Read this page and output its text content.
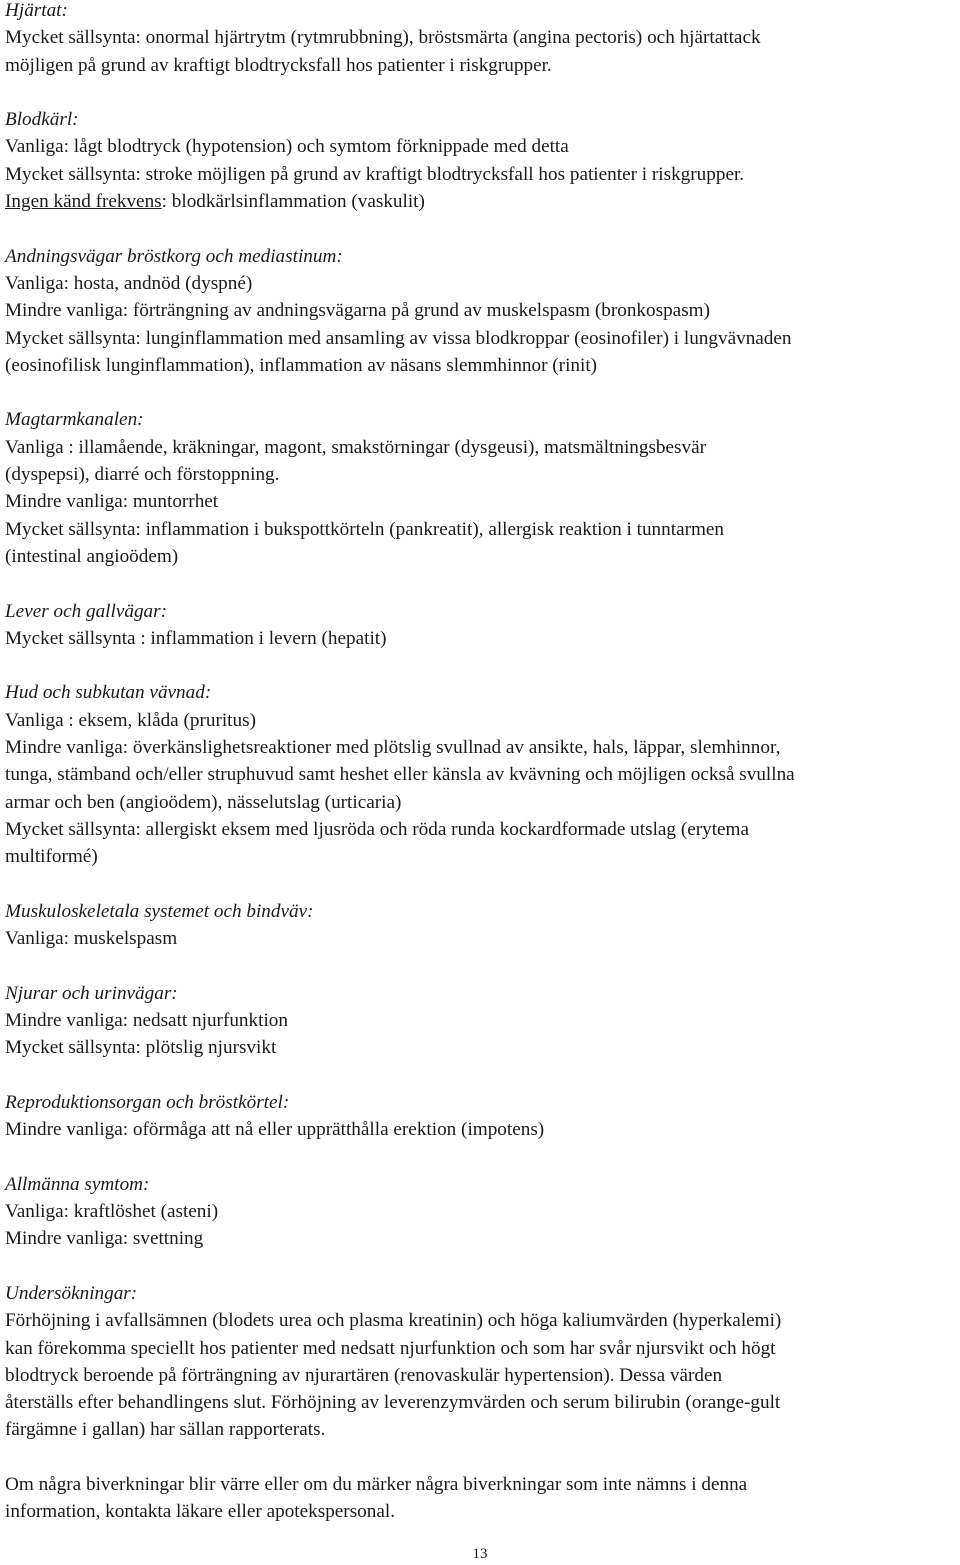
Hjärtat:
Mycket sällsynta: onormal hjärtrytm (rytmrubbning), bröstsmärta (angina pectoris) och hjärtattack
möjligen på grund av kraftigt blodtrycksfall hos patienter i riskgrupper.
Blodkärl:
Vanliga: lågt blodtryck (hypotension) och symtom förknippade med detta
Mycket sällsynta: stroke möjligen på grund av kraftigt blodtrycksfall hos patienter i riskgrupper.
Ingen känd frekvens: blodkärlsinflammation (vaskulit)
Andningsvägar bröstkorg och mediastinum:
Vanliga: hosta, andnöd (dyspné)
Mindre vanliga: förträngning av andningsvägarna på grund av muskelspasm (bronkospasm)
Mycket sällsynta: lunginflammation med ansamling av vissa blodkroppar (eosinofiler) i lungvävnaden
(eosinofilisk lunginflammation), inflammation av näsans slemmhinnor (rinit)
Magtarmkanalen:
Vanliga : illamående, kräkningar, magont, smakstörningar (dysgeusi), matsmältningsbesvär
(dyspepsi), diarré och förstoppning.
Mindre vanliga: muntorrhet
Mycket sällsynta: inflammation i bukspottkörteln (pankreatit), allergisk reaktion i tunntarmen
(intestinal angioödem)
Lever och gallvägar:
Mycket sällsynta : inflammation i levern (hepatit)
Hud och subkutan vävnad:
Vanliga : eksem, klåda (pruritus)
Mindre vanliga: överkänslighetsreaktioner med plötslig svullnad av ansikte, hals, läppar, slemhinnor,
tunga, stämband och/eller struphuvud samt heshet eller känsla av kvävning och möjligen också svullna
armar och ben (angioödem), nässelutslag (urticaria)
Mycket sällsynta: allergiskt eksem med ljusröda och röda runda kockardformade utslag (erytema
multiformé)
Muskuloskeletala systemet och bindväv:
Vanliga: muskelspasm
Njurar och urinvägar:
Mindre vanliga: nedsatt njurfunktion
Mycket sällsynta: plötslig njursvikt
Reproduktionsorgan och bröstkörtel:
Mindre vanliga: oförmåga att nå eller upprätthålla erektion (impotens)
Allmänna symtom:
Vanliga: kraftlöshet (asteni)
Mindre vanliga: svettning
Undersökningar:
Förhöjning i avfallsämnen (blodets urea och plasma kreatinin) och höga kaliumvärden (hyperkalemi)
kan förekomma speciellt hos patienter med nedsatt njurfunktion och som har svår njursvikt och högt
blodtryck beroende på förträngning av njurartären (renovaskulär hypertension). Dessa värden
återställs efter behandlingens slut. Förhöjning av leverenzymvärden och serum bilirubin (orange-gult
färgämne i gallan) har sällan rapporterats.
Om några biverkningar blir värre eller om du märker några biverkningar som inte nämns i denna
information, kontakta läkare eller apotekspersonal.
13
